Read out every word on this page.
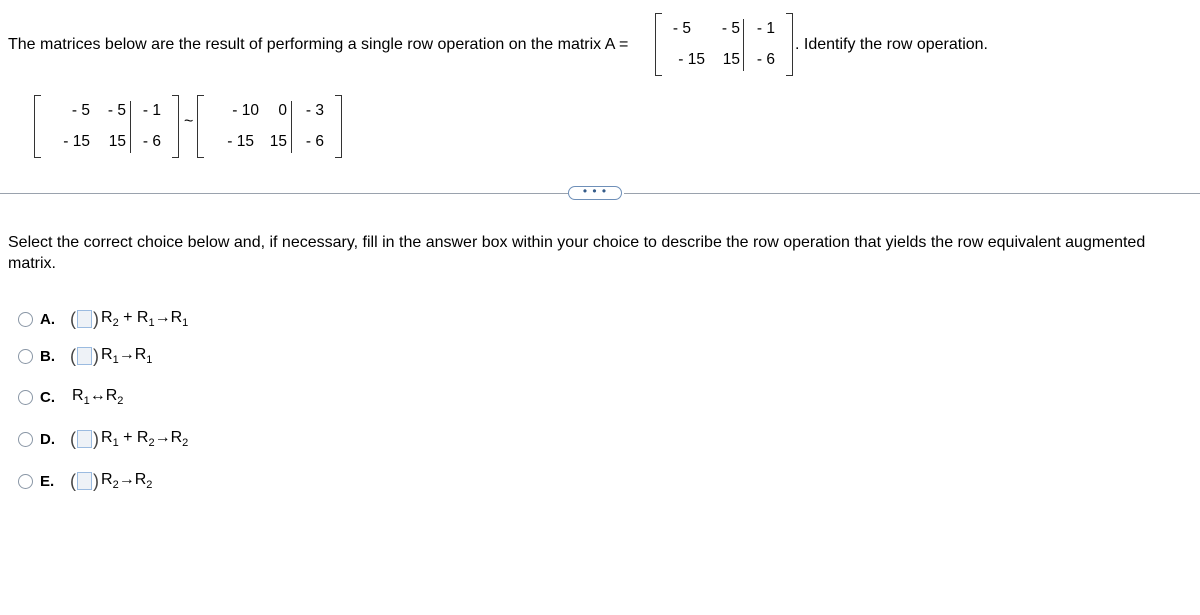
The matrices below are the result of performing a single row operation on the matrix A =
- 5 - 5 - 1
- 15 15 - 6
. Identify the row operation.
- 5 - 5 - 1
- 15 15 - 6
~
- 10 0 - 3
- 15 15 - 6
• • •
Select the correct choice below and, if necessary, fill in the answer box within your choice to describe the row operation that yields the row equivalent augmented matrix.
A. ( ) $R_2 + R_1\to R_1$
B. ( ) $R_1\to R_1$
C.	$R_1\leftrightarrow R_2$
D. ( ) $R_1 + R_2\to R_2$
E. ( ) $R_2\to R_2$
